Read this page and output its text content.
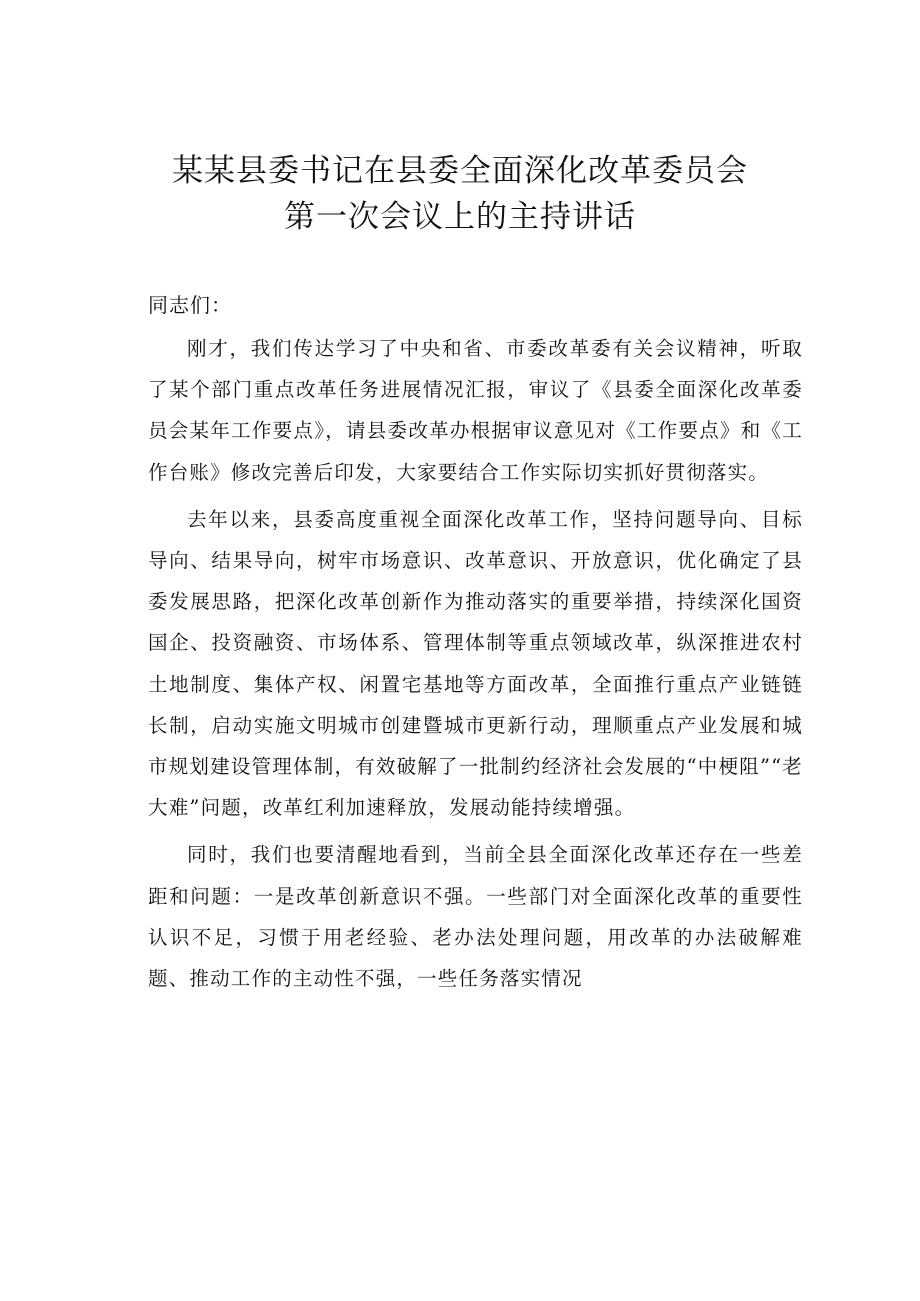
某某县委书记在县委全面深化改革委员会
第一次会议上的主持讲话

同志们：

刚才，我们传达学习了中央和省、市委改革委有关会议精神，听取了某个部门重点改革任务进展情况汇报，审议了《县委全面深化改革委员会某年工作要点》，请县委改革办根据审议意见对《工作要点》和《工作台账》修改完善后印发，大家要结合工作实际切实抓好贯彻落实。

去年以来，县委高度重视全面深化改革工作，坚持问题导向、目标导向、结果导向，树牢市场意识、改革意识、开放意识，优化确定了县委发展思路，把深化改革创新作为推动落实的重要举措，持续深化国资国企、投资融资、市场体系、管理体制等重点领域改革，纵深推进农村土地制度、集体产权、闲置宅基地等方面改革，全面推行重点产业链链长制，启动实施文明城市创建暨城市更新行动，理顺重点产业发展和城市规划建设管理体制，有效破解了一批制约经济社会发展的“中梗阻”“老大难”问题，改革红利加速释放，发展动能持续增强。

同时，我们也要清醒地看到，当前全县全面深化改革还存在一些差距和问题：一是改革创新意识不强。一些部门对全面深化改革的重要性认识不足，习惯于用老经验、老办法处理问题，用改革的办法破解难题、推动工作的主动性不强，一些任务落实情况
